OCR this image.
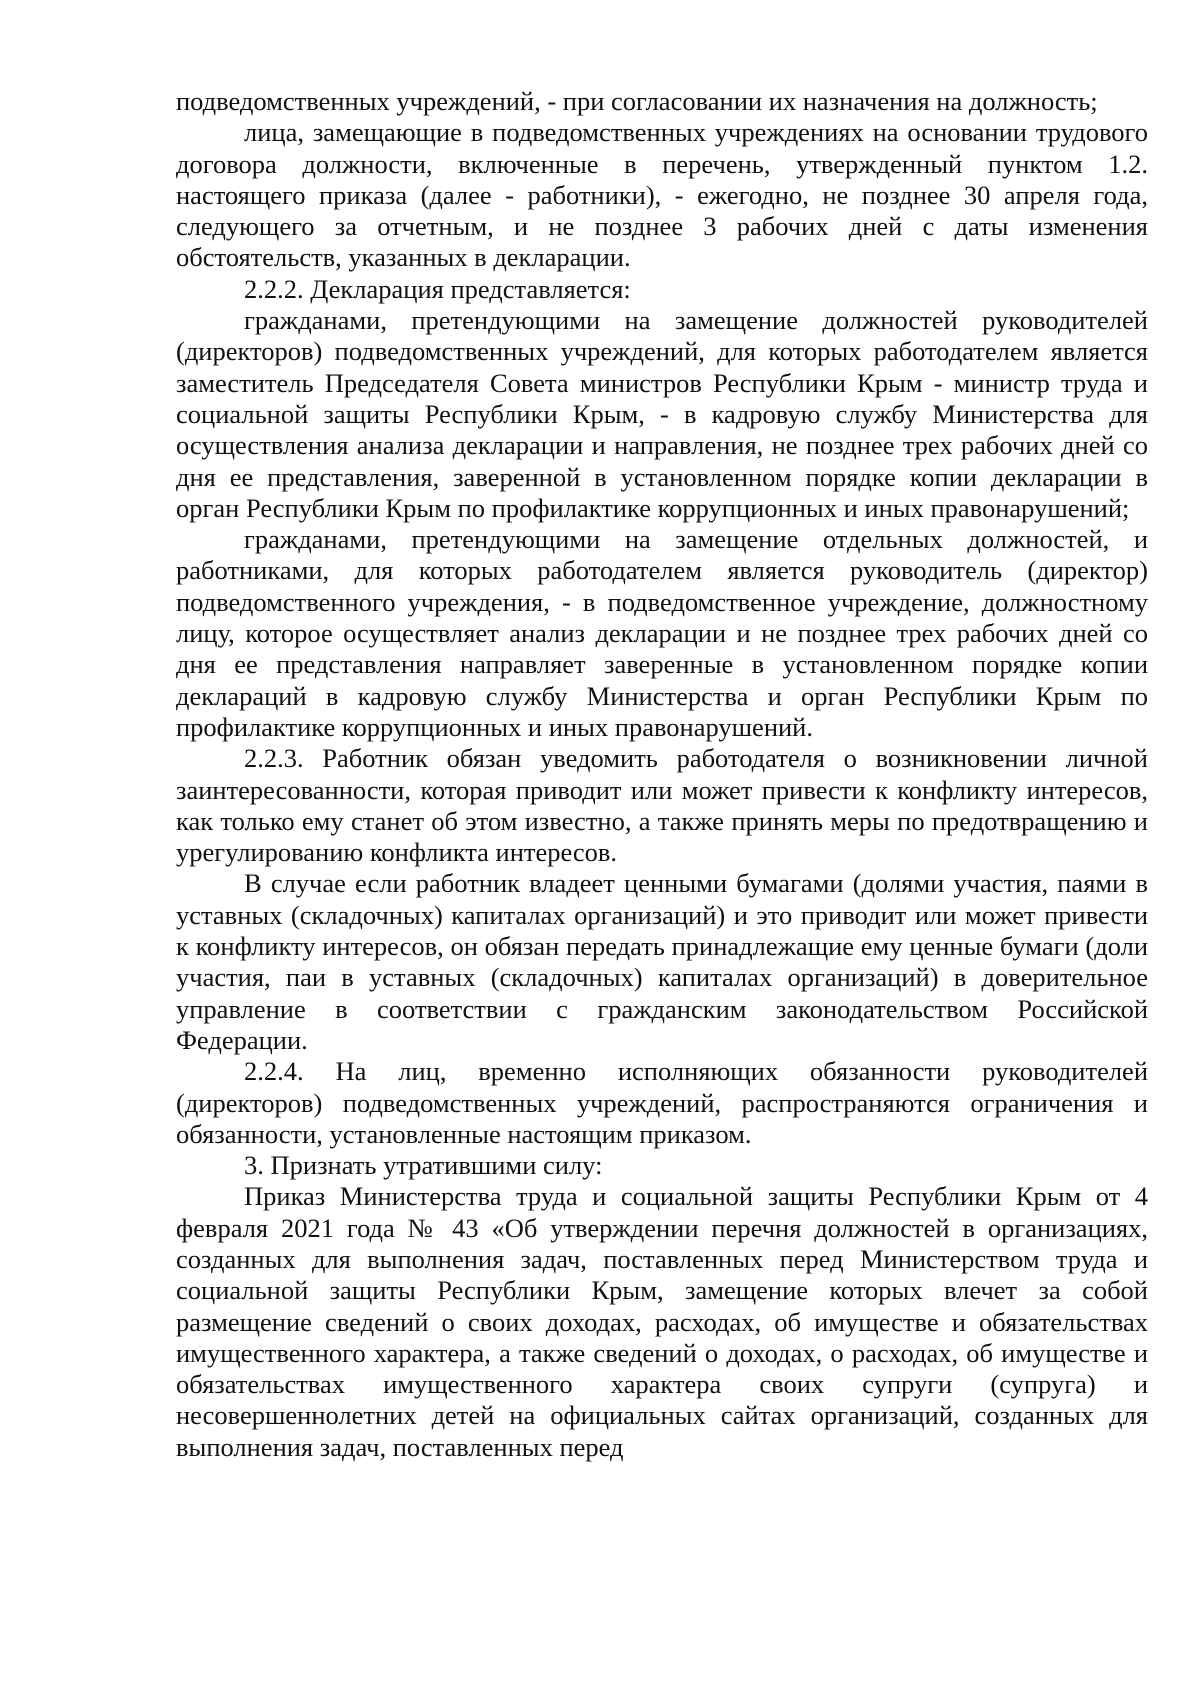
подведомственных учреждений, - при согласовании их назначения на должность;

лица, замещающие в подведомственных учреждениях на основании трудового договора должности, включенные в перечень, утвержденный пунктом 1.2. настоящего приказа (далее - работники), - ежегодно, не позднее 30 апреля года, следующего за отчетным, и не позднее 3 рабочих дней с даты изменения обстоятельств, указанных в декларации.

2.2.2. Декларация представляется:

гражданами, претендующими на замещение должностей руководителей (директоров) подведомственных учреждений, для которых работодателем является заместитель Председателя Совета министров Республики Крым - министр труда и социальной защиты Республики Крым, - в кадровую службу Министерства для осуществления анализа декларации и направления, не позднее трех рабочих дней со дня ее представления, заверенной в установленном порядке копии декларации в орган Республики Крым по профилактике коррупционных и иных правонарушений;

гражданами, претендующими на замещение отдельных должностей, и работниками, для которых работодателем является руководитель (директор) подведомственного учреждения, - в подведомственное учреждение, должностному лицу, которое осуществляет анализ декларации и не позднее трех рабочих дней со дня ее представления направляет заверенные в установленном порядке копии деклараций в кадровую службу Министерства и орган Республики Крым по профилактике коррупционных и иных правонарушений.

2.2.3. Работник обязан уведомить работодателя о возникновении личной заинтересованности, которая приводит или может привести к конфликту интересов, как только ему станет об этом известно, а также принять меры по предотвращению и урегулированию конфликта интересов.

В случае если работник владеет ценными бумагами (долями участия, паями в уставных (складочных) капиталах организаций) и это приводит или может привести к конфликту интересов, он обязан передать принадлежащие ему ценные бумаги (доли участия, паи в уставных (складочных) капиталах организаций) в доверительное управление в соответствии с гражданским законодательством Российской Федерации.

2.2.4. На лиц, временно исполняющих обязанности руководителей (директоров) подведомственных учреждений, распространяются ограничения и обязанности, установленные настоящим приказом.

3. Признать утратившими силу:

Приказ Министерства труда и социальной защиты Республики Крым от 4 февраля 2021 года № 43 «Об утверждении перечня должностей в организациях, созданных для выполнения задач, поставленных перед Министерством труда и социальной защиты Республики Крым, замещение которых влечет за собой размещение сведений о своих доходах, расходах, об имуществе и обязательствах имущественного характера, а также сведений о доходах, о расходах, об имуществе и обязательствах имущественного характера своих супруги (супруга) и несовершеннолетних детей на официальных сайтах организаций, созданных для выполнения задач, поставленных перед
